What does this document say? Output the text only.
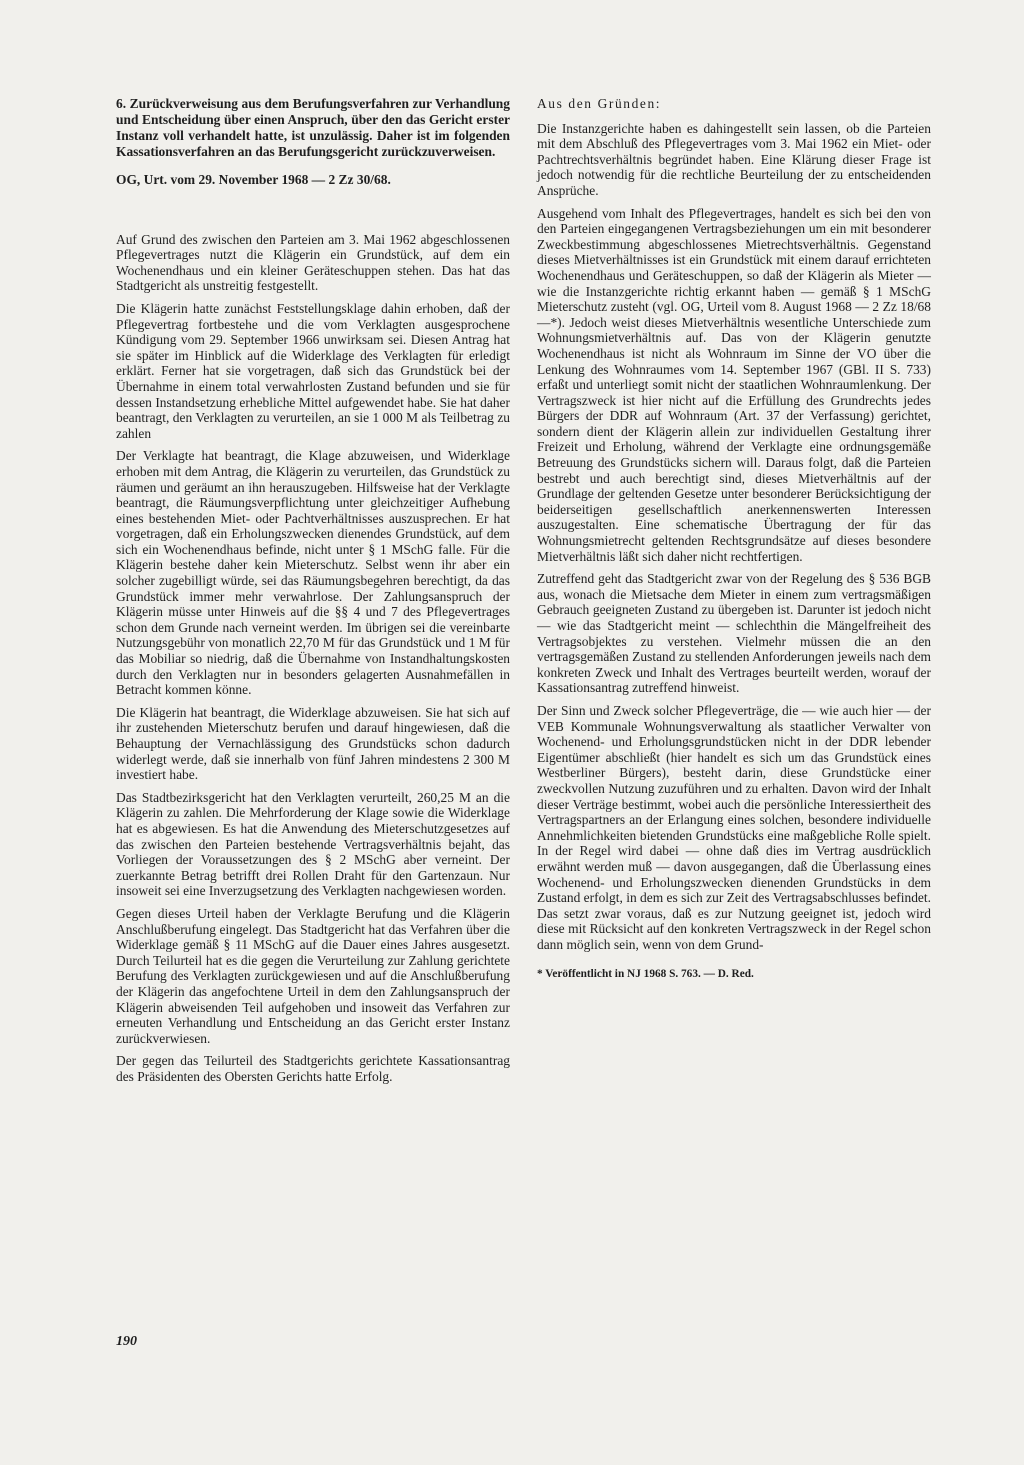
6. Zurückverweisung aus dem Berufungsverfahren zur Verhandlung und Entscheidung über einen Anspruch, über den das Gericht erster Instanz voll verhandelt hatte, ist unzulässig. Daher ist im folgenden Kassationsverfahren an das Berufungsgericht zurückzuverweisen.

OG, Urt. vom 29. November 1968 — 2 Zz 30/68.

Auf Grund des zwischen den Parteien am 3. Mai 1962 abgeschlossenen Pflegevertrages nutzt die Klägerin ein Grundstück, auf dem ein Wochenendhaus und ein kleiner Geräteschuppen stehen. Das hat das Stadtgericht als unstreitig festgestellt.

Die Klägerin hatte zunächst Feststellungsklage dahin erhoben, daß der Pflegevertrag fortbestehe und die vom Verklagten ausgesprochene Kündigung vom 29. September 1966 unwirksam sei. Diesen Antrag hat sie später im Hinblick auf die Widerklage des Verklagten für erledigt erklärt. Ferner hat sie vorgetragen, daß sich das Grundstück bei der Übernahme in einem total verwahrlosten Zustand befunden und sie für dessen Instandsetzung erhebliche Mittel aufgewendet habe. Sie hat daher beantragt, den Verklagten zu verurteilen, an sie 1 000 M als Teilbetrag zu zahlen

Der Verklagte hat beantragt, die Klage abzuweisen, und Widerklage erhoben mit dem Antrag, die Klägerin zu verurteilen, das Grundstück zu räumen und geräumt an ihn herauszugeben. Hilfsweise hat der Verklagte beantragt, die Räumungsverpflichtung unter gleichzeitiger Aufhebung eines bestehenden Miet- oder Pachtverhältnisses auszusprechen. Er hat vorgetragen, daß ein Erholungszwecken dienendes Grundstück, auf dem sich ein Wochenendhaus befinde, nicht unter § 1 MSchG falle. Für die Klägerin bestehe daher kein Mieterschutz. Selbst wenn ihr aber ein solcher zugebilligt würde, sei das Räumungsbegehren berechtigt, da das Grundstück immer mehr verwahrlose. Der Zahlungsanspruch der Klägerin müsse unter Hinweis auf die §§ 4 und 7 des Pflegevertrages schon dem Grunde nach verneint werden. Im übrigen sei die vereinbarte Nutzungsgebühr von monatlich 22,70 M für das Grundstück und 1 M für das Mobiliar so niedrig, daß die Übernahme von Instandhaltungskosten durch den Verklagten nur in besonders gelagerten Ausnahmefällen in Betracht kommen könne.

Die Klägerin hat beantragt, die Widerklage abzuweisen. Sie hat sich auf ihr zustehenden Mieterschutz berufen und darauf hingewiesen, daß die Behauptung der Vernachlässigung des Grundstücks schon dadurch widerlegt werde, daß sie innerhalb von fünf Jahren mindestens 2 300 M investiert habe.

Das Stadtbezirksgericht hat den Verklagten verurteilt, 260,25 M an die Klägerin zu zahlen. Die Mehrforderung der Klage sowie die Widerklage hat es abgewiesen. Es hat die Anwendung des Mieterschutzgesetzes auf das zwischen den Parteien bestehende Vertragsverhältnis bejaht, das Vorliegen der Voraussetzungen des § 2 MSchG aber verneint. Der zuerkannte Betrag betrifft drei Rollen Draht für den Gartenzaun. Nur insoweit sei eine Inverzugsetzung des Verklagten nachgewiesen worden.

Gegen dieses Urteil haben der Verklagte Berufung und die Klägerin Anschlußberufung eingelegt. Das Stadtgericht hat das Verfahren über die Widerklage gemäß § 11 MSchG auf die Dauer eines Jahres ausgesetzt. Durch Teilurteil hat es die gegen die Verurteilung zur Zahlung gerichtete Berufung des Verklagten zurückgewiesen und auf die Anschlußberufung der Klägerin das angefochtene Urteil in dem den Zahlungsanspruch der Klägerin abweisenden Teil aufgehoben und insoweit das Verfahren zur erneuten Verhandlung und Entscheidung an das Gericht erster Instanz zurückverwiesen.

Der gegen das Teilurteil des Stadtgerichts gerichtete Kassationsantrag des Präsidenten des Obersten Gerichts hatte Erfolg.

Aus den Gründen:

Die Instanzgerichte haben es dahingestellt sein lassen, ob die Parteien mit dem Abschluß des Pflegevertrages vom 3. Mai 1962 ein Miet- oder Pachtrechtsverhältnis begründet haben. Eine Klärung dieser Frage ist jedoch notwendig für die rechtliche Beurteilung der zu entscheidenden Ansprüche.

Ausgehend vom Inhalt des Pflegevertrages, handelt es sich bei den von den Parteien eingegangenen Vertragsbeziehungen um ein mit besonderer Zweckbestimmung abgeschlossenes Mietrechtsverhältnis. Gegenstand dieses Mietverhältnisses ist ein Grundstück mit einem darauf errichteten Wochenendhaus und Geräteschuppen, so daß der Klägerin als Mieter — wie die Instanzgerichte richtig erkannt haben — gemäß § 1 MSchG Mieterschutz zusteht (vgl. OG, Urteil vom 8. August 1968 — 2 Zz 18/68 —*). Jedoch weist dieses Mietverhältnis wesentliche Unterschiede zum Wohnungsmietverhältnis auf. Das von der Klägerin genutzte Wochenendhaus ist nicht als Wohnraum im Sinne der VO über die Lenkung des Wohnraumes vom 14. September 1967 (GBl. II S. 733) erfaßt und unterliegt somit nicht der staatlichen Wohnraumlenkung. Der Vertragszweck ist hier nicht auf die Erfüllung des Grundrechts jedes Bürgers der DDR auf Wohnraum (Art. 37 der Verfassung) gerichtet, sondern dient der Klägerin allein zur individuellen Gestaltung ihrer Freizeit und Erholung, während der Verklagte eine ordnungsgemäße Betreuung des Grundstücks sichern will. Daraus folgt, daß die Parteien bestrebt und auch berechtigt sind, dieses Mietverhältnis auf der Grundlage der geltenden Gesetze unter besonderer Berücksichtigung der beiderseitigen gesellschaftlich anerkennenswerten Interessen auszugestalten. Eine schematische Übertragung der für das Wohnungsmietrecht geltenden Rechtsgrundsätze auf dieses besondere Mietverhältnis läßt sich daher nicht rechtfertigen.

Zutreffend geht das Stadtgericht zwar von der Regelung des § 536 BGB aus, wonach die Mietsache dem Mieter in einem zum vertragsmäßigen Gebrauch geeigneten Zustand zu übergeben ist. Darunter ist jedoch nicht — wie das Stadtgericht meint — schlechthin die Mängelfreiheit des Vertragsobjektes zu verstehen. Vielmehr müssen die an den vertragsgemäßen Zustand zu stellenden Anforderungen jeweils nach dem konkreten Zweck und Inhalt des Vertrages beurteilt werden, worauf der Kassationsantrag zutreffend hinweist.

Der Sinn und Zweck solcher Pflegeverträge, die — wie auch hier — der VEB Kommunale Wohnungsverwaltung als staatlicher Verwalter von Wochenend- und Erholungsgrundstücken nicht in der DDR lebender Eigentümer abschließt (hier handelt es sich um das Grundstück eines Westberliner Bürgers), besteht darin, diese Grundstücke einer zweckvollen Nutzung zuzuführen und zu erhalten. Davon wird der Inhalt dieser Verträge bestimmt, wobei auch die persönliche Interessiertheit des Vertragspartners an der Erlangung eines solchen, besondere individuelle Annehmlichkeiten bietenden Grundstücks eine maßgebliche Rolle spielt. In der Regel wird dabei — ohne daß dies im Vertrag ausdrücklich erwähnt werden muß — davon ausgegangen, daß die Überlassung eines Wochenend- und Erholungszwecken dienenden Grundstücks in dem Zustand erfolgt, in dem es sich zur Zeit des Vertragsabschlusses befindet. Das setzt zwar voraus, daß es zur Nutzung geeignet ist, jedoch wird diese mit Rücksicht auf den konkreten Vertragszweck in der Regel schon dann möglich sein, wenn von dem Grund-

* Veröffentlicht in NJ 1968 S. 763. — D. Red.

190
